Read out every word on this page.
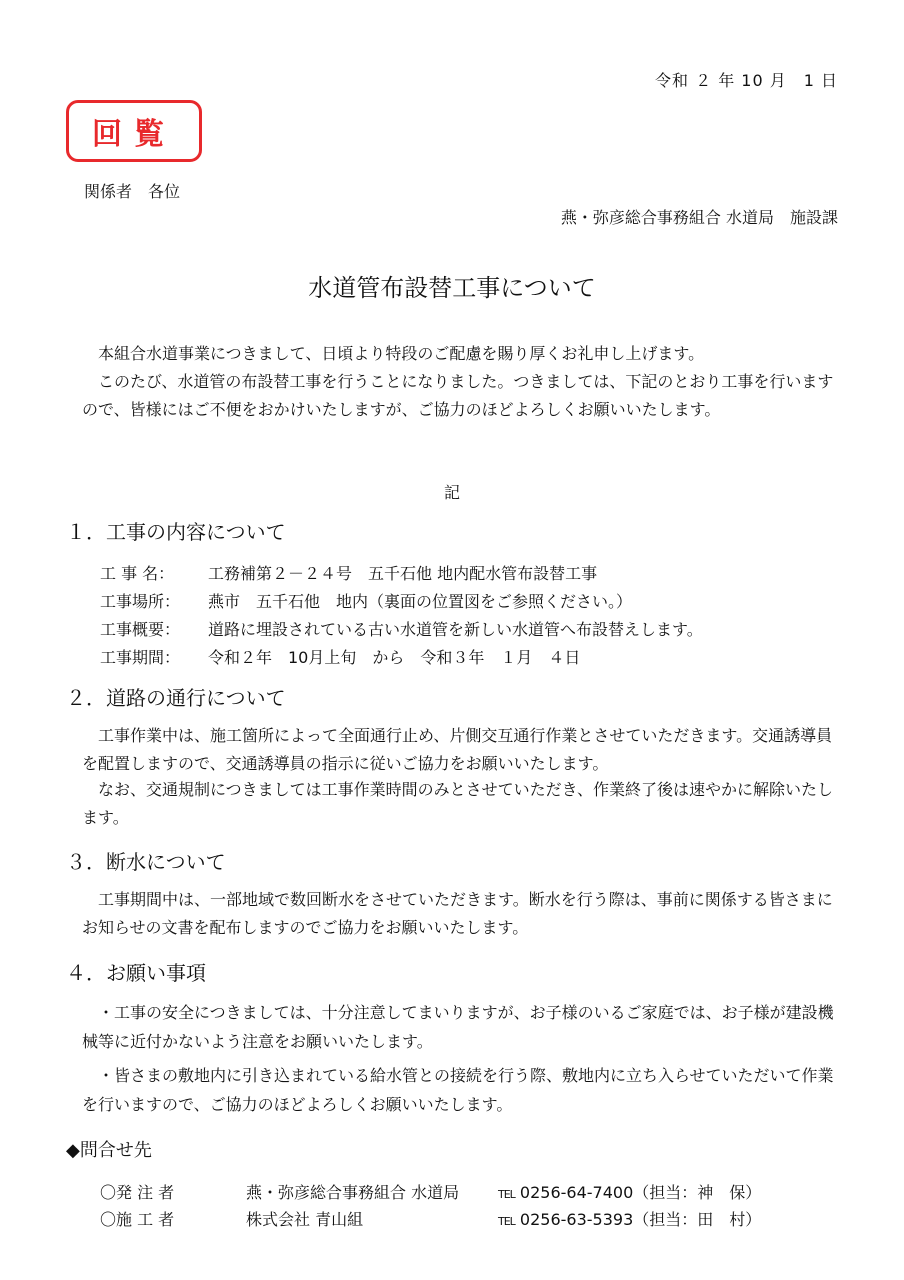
令和 ２ 年 10 月　1 日
回覧
関係者　各位
燕・弥彦総合事務組合 水道局　施設課
水道管布設替工事について

本組合水道事業につきまして、日頃より特段のご配慮を賜り厚くお礼申し上げます。

このたび、水道管の布設替工事を行うことになりました。つきましては、下記のとおり工事を行いますので、皆様にはご不便をおかけいたしますが、ご協力のほどよろしくお願いいたします。

記
１．工事の内容について
工 事 名： 工務補第２－２４号　五千石他 地内配水管布設替工事
工事場所： 燕市　五千石他　地内（裏面の位置図をご参照ください。）
工事概要： 道路に埋設されている古い水道管を新しい水道管へ布設替えします。
工事期間： 令和２年　10月上旬　から　令和３年　１月　４日
２．道路の通行について

工事作業中は、施工箇所によって全面通行止め、片側交互通行作業とさせていただきます。交通誘導員を配置しますので、交通誘導員の指示に従いご協力をお願いいたします。

なお、交通規制につきましては工事作業時間のみとさせていただき、作業終了後は速やかに解除いたします。

３．断水について

工事期間中は、一部地域で数回断水をさせていただきます。断水を行う際は、事前に関係する皆さまにお知らせの文書を配布しますのでご協力をお願いいたします。

４．お願い事項

・工事の安全につきましては、十分注意してまいりますが、お子様のいるご家庭では、お子様が建設機械等に近付かないよう注意をお願いいたします。

・皆さまの敷地内に引き込まれている給水管との接続を行う際、敷地内に立ち入らせていただいて作業を行いますので、ご協力のほどよろしくお願いいたします。

◆問合せ先
〇発 注 者	燕・弥彦総合事務組合 水道局	TEL 0256-64-7400（担当：神　保）
〇施 工 者	株式会社 青山組	TEL 0256-63-5393（担当：田　村）
